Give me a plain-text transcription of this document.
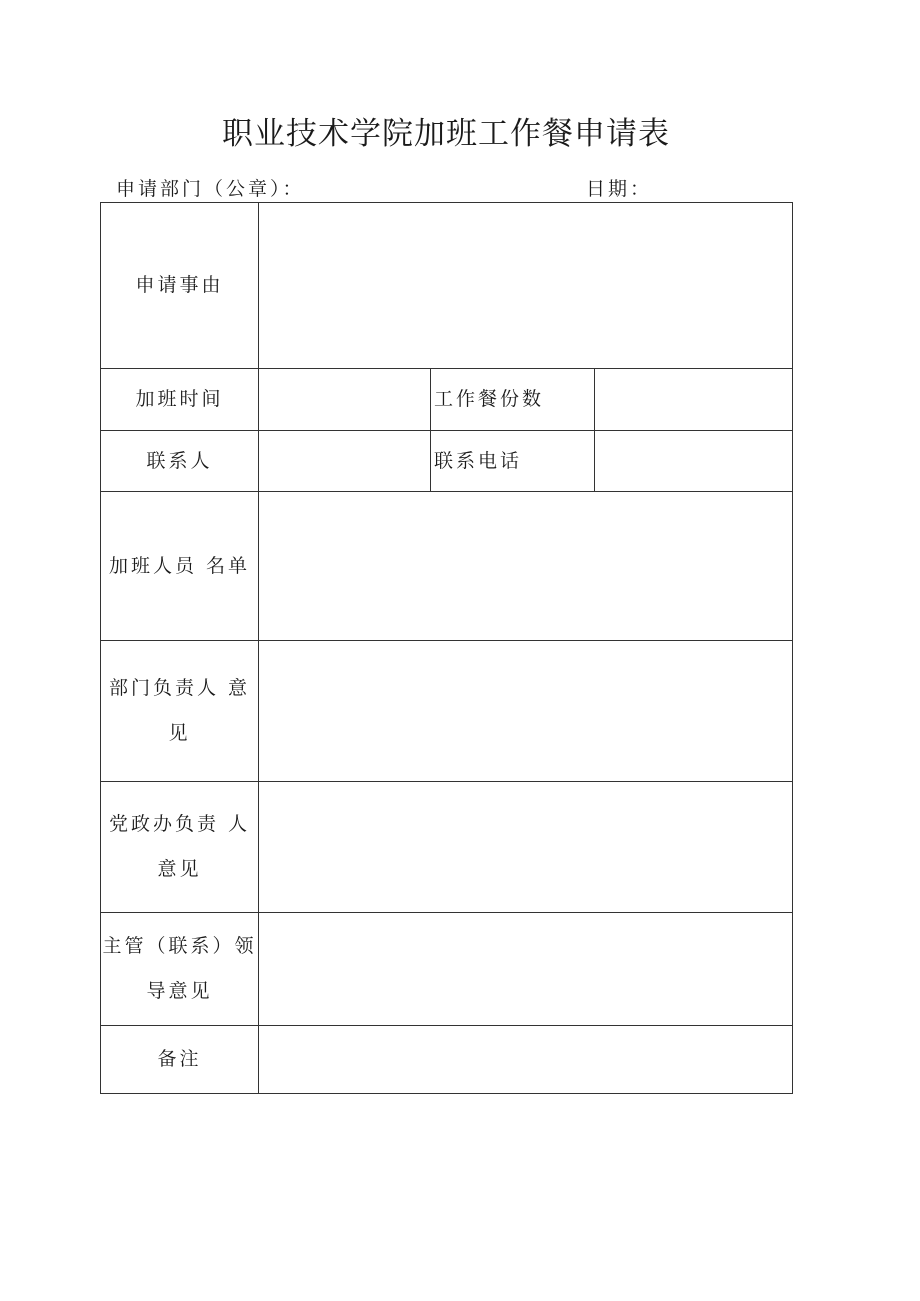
职业技术学院加班工作餐申请表
申请部门（公章）：	日期：
申请事由			
加班时间		工作餐份数	
联系人		联系电话	
加班人员 名单			
部门负责人 意见			
党政办负责 人意见			
主管（联系）领导意见			
备注			
